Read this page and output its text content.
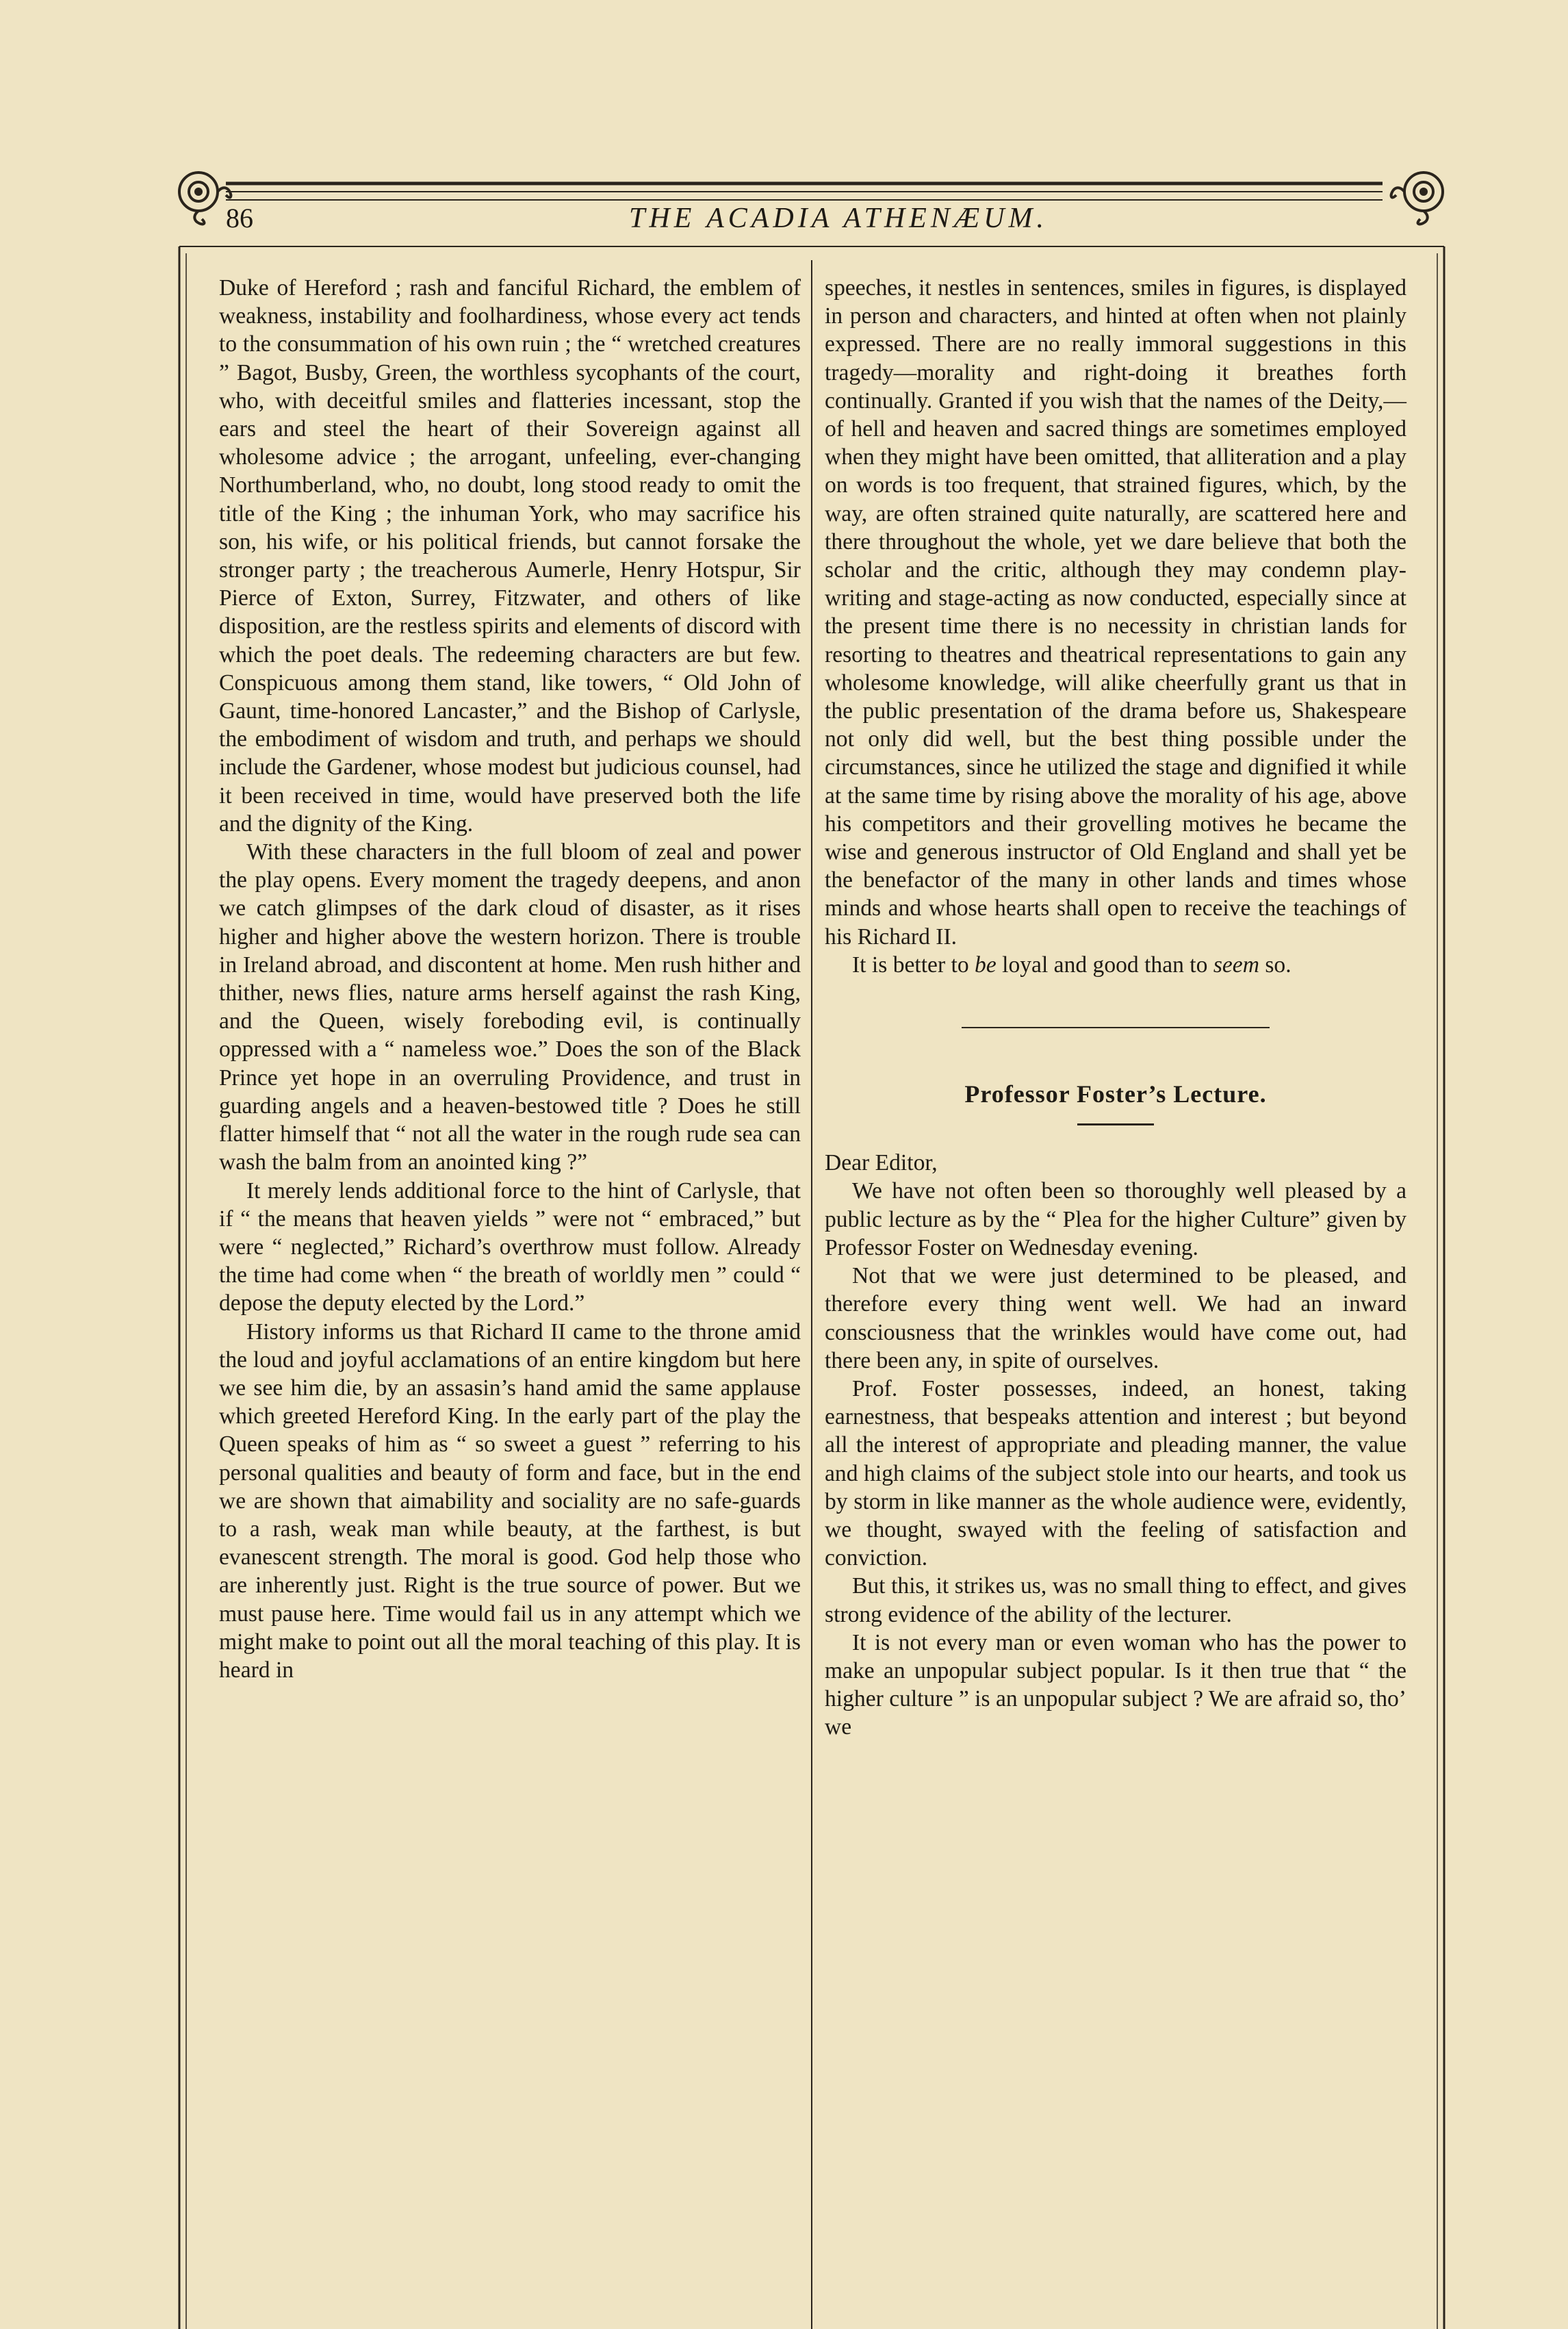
86	THE ACADIA ATHENÆUM.

Duke of Hereford ; rash and fanciful Richard, the emblem of weakness, instability and foolhardiness, whose every act tends to the consummation of his own ruin ; the “ wretched creatures ” Bagot, Busby, Green, the worthless sycophants of the court, who, with deceitful smiles and flatteries incessant, stop the ears and steel the heart of their Sovereign against all wholesome advice ; the arrogant, unfeeling, ever-changing Northumberland, who, no doubt, long stood ready to omit the title of the King ; the inhuman York, who may sacrifice his son, his wife, or his political friends, but cannot forsake the stronger party ; the treacherous Aumerle, Henry Hotspur, Sir Pierce of Exton, Surrey, Fitzwater, and others of like disposition, are the restless spirits and elements of discord with which the poet deals. The redeeming characters are but few. Conspicuous among them stand, like towers, “ Old John of Gaunt, time-honored Lancaster,” and the Bishop of Carlysle, the embodiment of wisdom and truth, and perhaps we should include the Gardener, whose modest but judicious counsel, had it been received in time, would have preserved both the life and the dignity of the King.

With these characters in the full bloom of zeal and power the play opens. Every moment the tragedy deepens, and anon we catch glimpses of the dark cloud of disaster, as it rises higher and higher above the western horizon. There is trouble in Ireland abroad, and discontent at home. Men rush hither and thither, news flies, nature arms herself against the rash King, and the Queen, wisely foreboding evil, is continually oppressed with a “ nameless woe.” Does the son of the Black Prince yet hope in an overruling Providence, and trust in guarding angels and a heaven-bestowed title ? Does he still flatter himself that “ not all the water in the rough rude sea can wash the balm from an anointed king ?”

It merely lends additional force to the hint of Carlysle, that if “ the means that heaven yields ” were not “ embraced,” but were “ neglected,” Richard’s overthrow must follow. Already the time had come when “ the breath of worldly men ” could “ depose the deputy elected by the Lord.”

History informs us that Richard II came to the throne amid the loud and joyful acclamations of an entire kingdom but here we see him die, by an assasin’s hand amid the same applause which greeted Hereford King. In the early part of the play the Queen speaks of him as “ so sweet a guest ” referring to his personal qualities and beauty of form and face, but in the end we are shown that aimability and sociality are no safe-guards to a rash, weak man while beauty, at the farthest, is but evanescent strength. The moral is good. God help those who are inherently just. Right is the true source of power. But we must pause here. Time would fail us in any attempt which we might make to point out all the moral teaching of this play. It is heard in

speeches, it nestles in sentences, smiles in figures, is displayed in person and characters, and hinted at often when not plainly expressed. There are no really immoral suggestions in this tragedy—morality and right-doing it breathes forth continually. Granted if you wish that the names of the Deity,—of hell and heaven and sacred things are sometimes employed when they might have been omitted, that alliteration and a play on words is too frequent, that strained figures, which, by the way, are often strained quite naturally, are scattered here and there throughout the whole, yet we dare believe that both the scholar and the critic, although they may condemn play-writing and stage-acting as now conducted, especially since at the present time there is no necessity in christian lands for resorting to theatres and theatrical representations to gain any wholesome knowledge, will alike cheerfully grant us that in the public presentation of the drama before us, Shakespeare not only did well, but the best thing possible under the circumstances, since he utilized the stage and dignified it while at the same time by rising above the morality of his age, above his competitors and their grovelling motives he became the wise and generous instructor of Old England and shall yet be the benefactor of the many in other lands and times whose minds and whose hearts shall open to receive the teachings of his Richard II.

It is better to be loyal and good than to seem so.

Professor Foster’s Lecture.

Dear Editor,

We have not often been so thoroughly well pleased by a public lecture as by the “ Plea for the higher Culture” given by Professor Foster on Wednesday evening.

Not that we were just determined to be pleased, and therefore every thing went well. We had an inward consciousness that the wrinkles would have come out, had there been any, in spite of ourselves.

Prof. Foster possesses, indeed, an honest, taking earnestness, that bespeaks attention and interest ; but beyond all the interest of appropriate and pleading manner, the value and high claims of the subject stole into our hearts, and took us by storm in like manner as the whole audience were, evidently, we thought, swayed with the feeling of satisfaction and conviction.

But this, it strikes us, was no small thing to effect, and gives strong evidence of the ability of the lecturer.

It is not every man or even woman who has the power to make an unpopular subject popular. Is it then true that “ the higher culture ” is an unpopular subject ? We are afraid so, tho’ we
